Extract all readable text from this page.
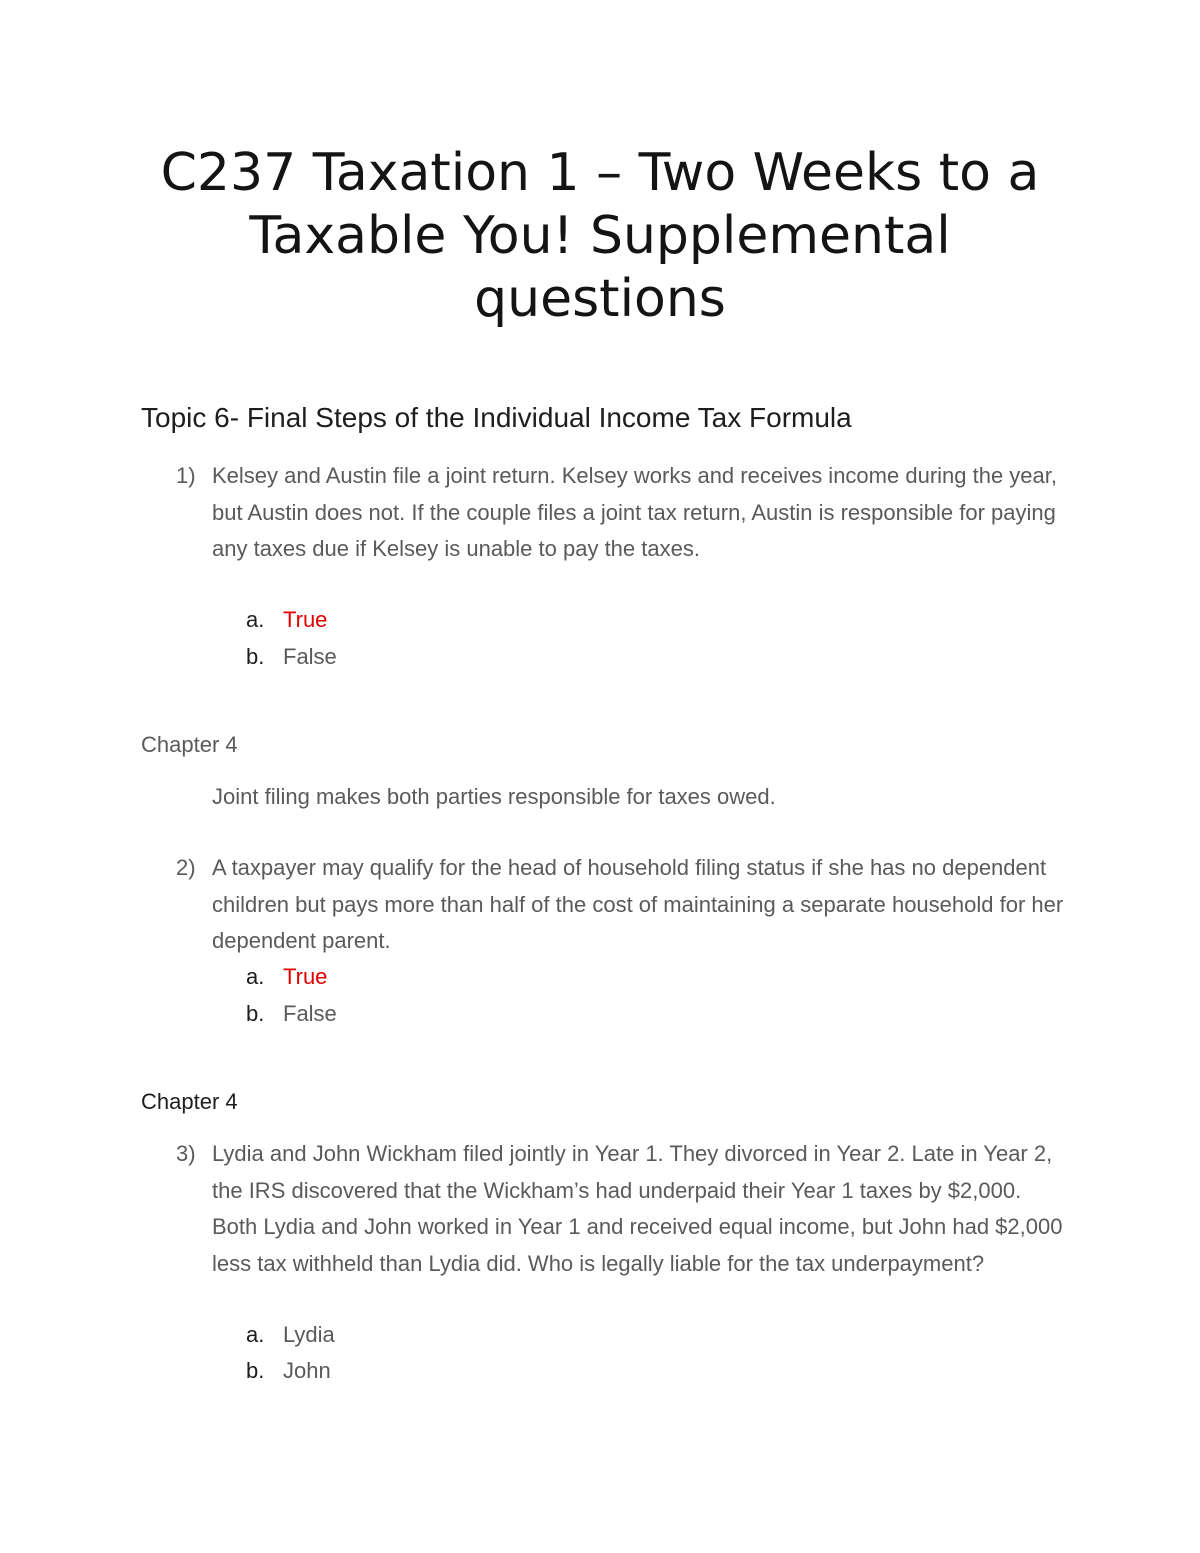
C237 Taxation 1 – Two Weeks to a Taxable You! Supplemental questions
Topic 6- Final Steps of the Individual Income Tax Formula
1) Kelsey and Austin file a joint return. Kelsey works and receives income during the year, but Austin does not. If the couple files a joint tax return, Austin is responsible for paying any taxes due if Kelsey is unable to pay the taxes.
a. True
b. False
Chapter 4
Joint filing makes both parties responsible for taxes owed.
2) A taxpayer may qualify for the head of household filing status if she has no dependent children but pays more than half of the cost of maintaining a separate household for her dependent parent.
a. True
b. False
Chapter 4
3) Lydia and John Wickham filed jointly in Year 1. They divorced in Year 2. Late in Year 2, the IRS discovered that the Wickham’s had underpaid their Year 1 taxes by $2,000. Both Lydia and John worked in Year 1 and received equal income, but John had $2,000 less tax withheld than Lydia did. Who is legally liable for the tax underpayment?
a. Lydia
b. John
